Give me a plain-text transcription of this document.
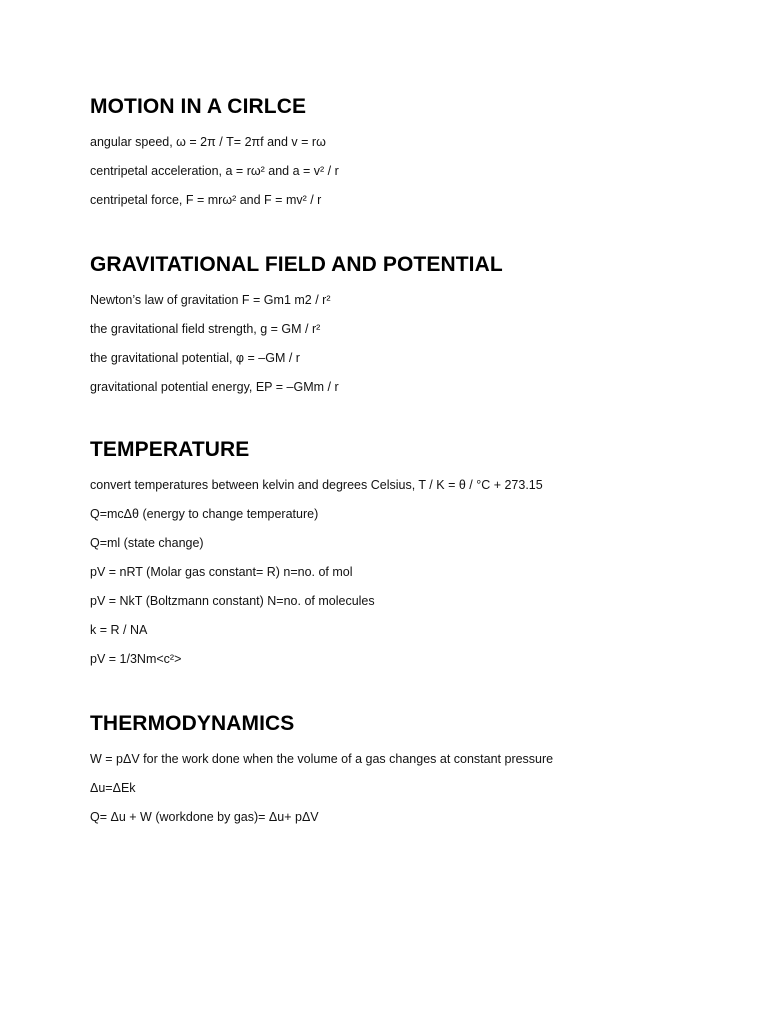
MOTION IN A CIRLCE

angular speed, ω = 2π / T= 2πf and v = rω

centripetal acceleration, a = rω² and a = v² / r

centripetal force, F = mrω² and F = mv² / r

GRAVITATIONAL FIELD AND POTENTIAL

Newton’s law of gravitation F = Gm1 m2 / r²

the gravitational field strength, g = GM / r²

the gravitational potential, φ = –GM / r

gravitational potential energy, EP = –GMm / r

TEMPERATURE

convert temperatures between kelvin and degrees Celsius, T / K = θ / °C + 273.15

Q=mcΔθ (energy to change temperature)

Q=ml (state change)

pV = nRT (Molar gas constant= R) n=no. of mol

pV = NkT (Boltzmann constant) N=no. of molecules

k = R / NA

pV = 1/3Nm<c²>

THERMODYNAMICS

W = pΔV for the work done when the volume of a gas changes at constant pressure

Δu=ΔEk

Q= Δu + W (workdone by gas)= Δu+ pΔV
